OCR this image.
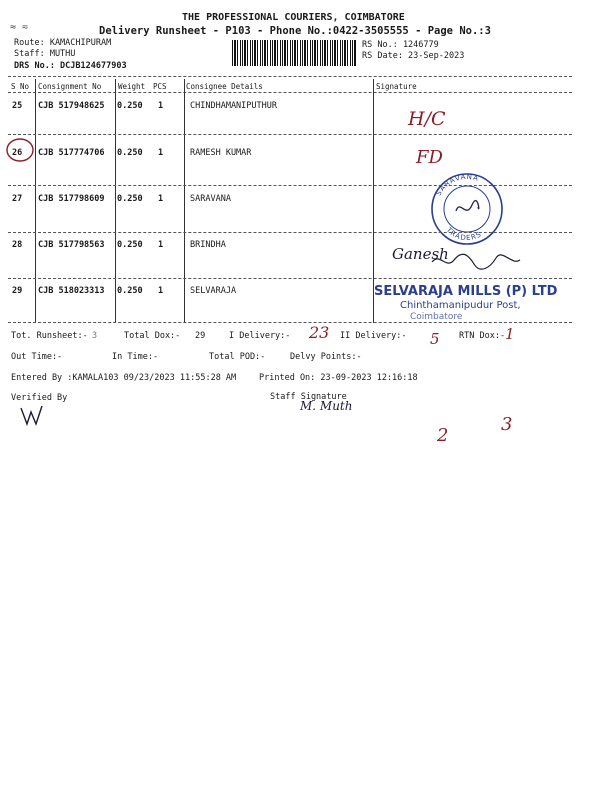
THE PROFESSIONAL COURIERS, COIMBATORE
≈ ≂	Delivery Runsheet - P103 - Phone No.:0422-3505555 - Page No.:3
Route: KAMACHIPURAM
Staff: MUTHU
DRS No.: DCJB124677903
RS No.: 1246779
RS Date: 23-Sep-2023
S No Consignment No Weight PCS	Consignee Details	Signature
25 CJB 517948625 0.250 1	CHINDHAMANIPUTHUR
H/C
26 CJB 517774706 0.250 1	RAMESH KUMAR	FD
27 CJB 517798609 0.250 1	SARAVANA
SARAVANA
TRADERS
28 CJB 517798563 0.250 1	BRINDHA	Ganesh
29 CJB 518023313 0.250 1	SELVARAJA	SELVARAJA MILLS (P) LTD
Chinthamanipudur Post,
Coimbatore
Tot. Runsheet:- 3	Total Dox:- 29	I Delivery:- 23 II Delivery:- 5 RTN Dox:- 1
Out Time:-	In Time:-	Total POD:-	Delvy Points:-
Entered By :KAMALA103 09/23/2023 11:55:28 AM	Printed On: 23-09-2023 12:16:18
Verified By	Staff Signature
M. Muth
2
3
